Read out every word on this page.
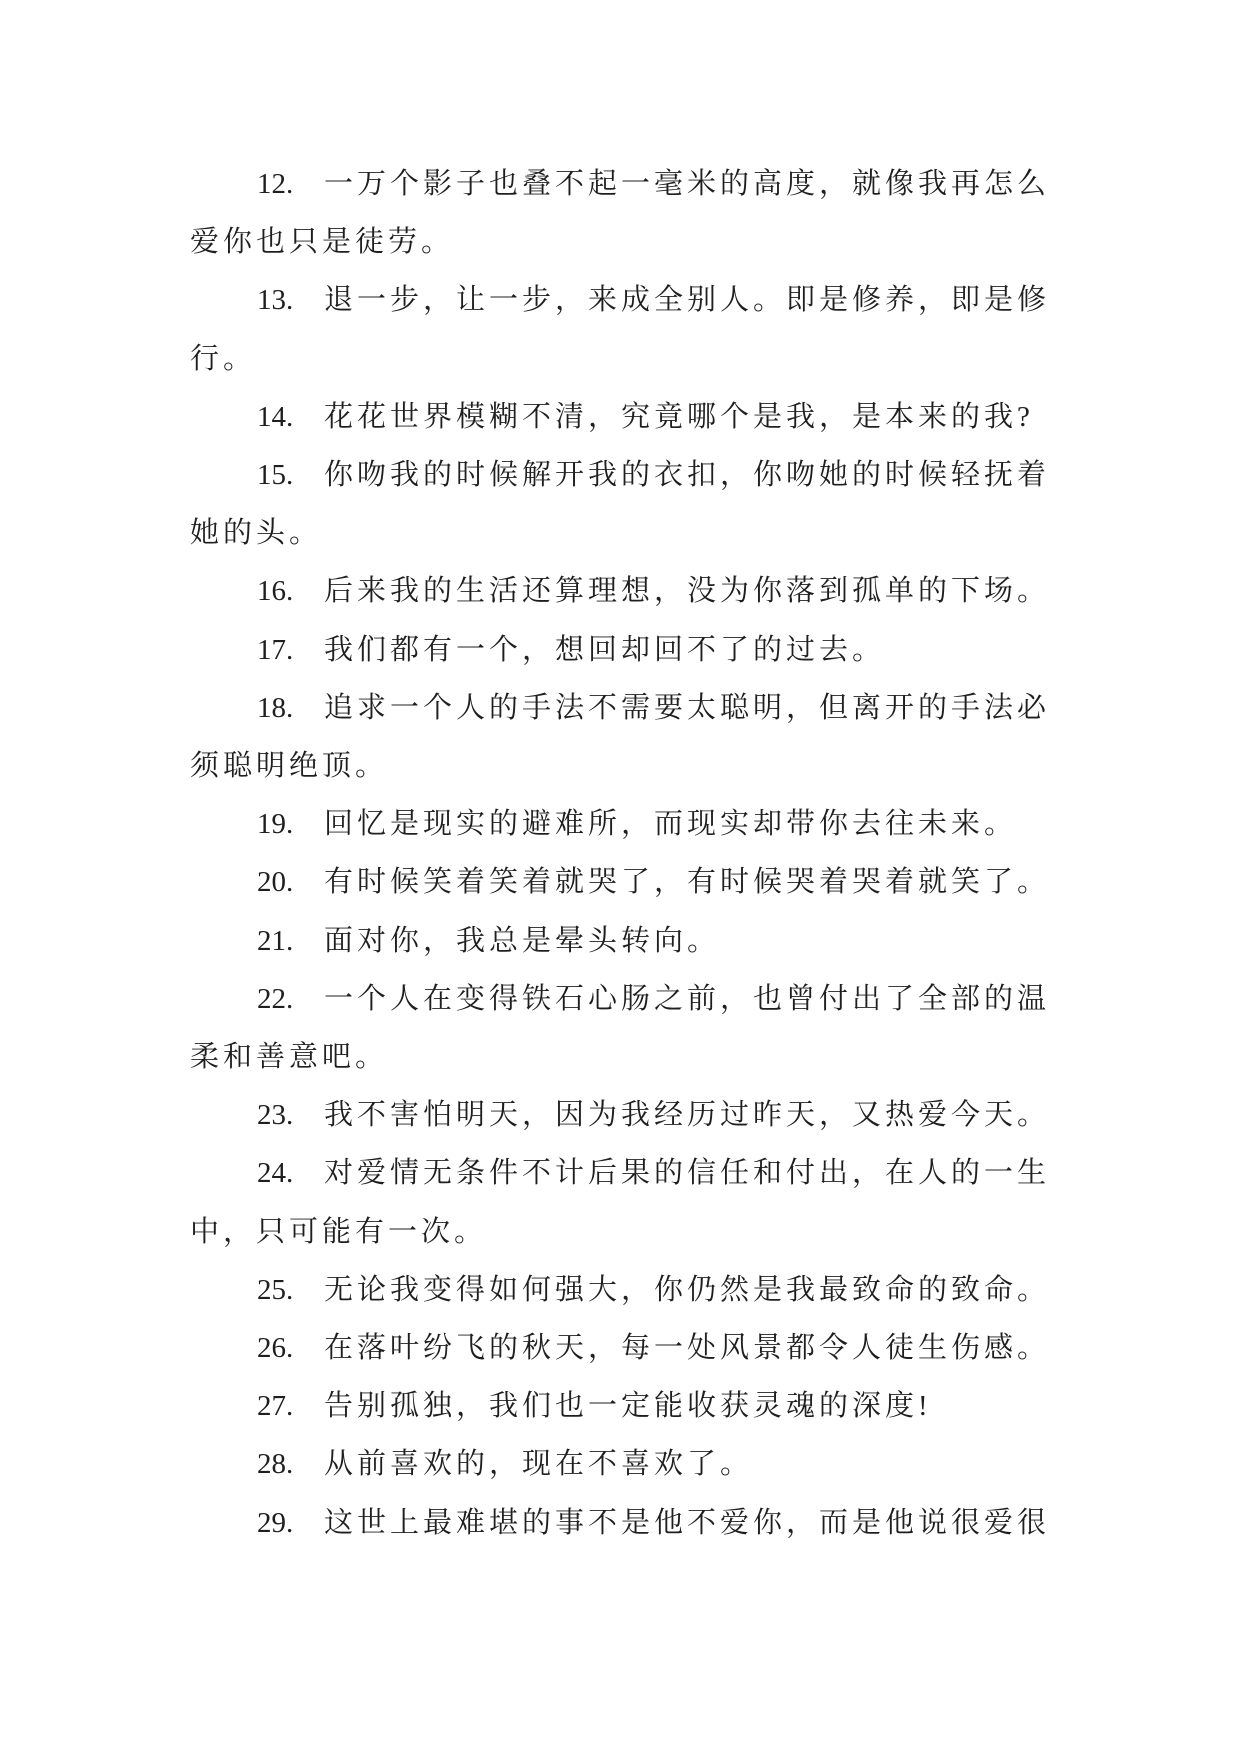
12. 一万个影子也叠不起一毫米的高度，就像我再怎么爱你也只是徒劳。

13. 退一步，让一步，来成全别人。即是修养，即是修行。

14. 花花世界模糊不清，究竟哪个是我，是本来的我?

15. 你吻我的时候解开我的衣扣，你吻她的时候轻抚着她的头。

16. 后来我的生活还算理想，没为你落到孤单的下场。

17. 我们都有一个，想回却回不了的过去。

18. 追求一个人的手法不需要太聪明，但离开的手法必须聪明绝顶。

19. 回忆是现实的避难所，而现实却带你去往未来。

20. 有时候笑着笑着就哭了，有时候哭着哭着就笑了。

21. 面对你，我总是晕头转向。

22. 一个人在变得铁石心肠之前，也曾付出了全部的温柔和善意吧。

23. 我不害怕明天，因为我经历过昨天，又热爱今天。

24. 对爱情无条件不计后果的信任和付出，在人的一生中，只可能有一次。

25. 无论我变得如何强大，你仍然是我最致命的致命。

26. 在落叶纷飞的秋天，每一处风景都令人徒生伤感。

27. 告别孤独，我们也一定能收获灵魂的深度!

28. 从前喜欢的，现在不喜欢了。

29. 这世上最难堪的事不是他不爱你，而是他说很爱很
